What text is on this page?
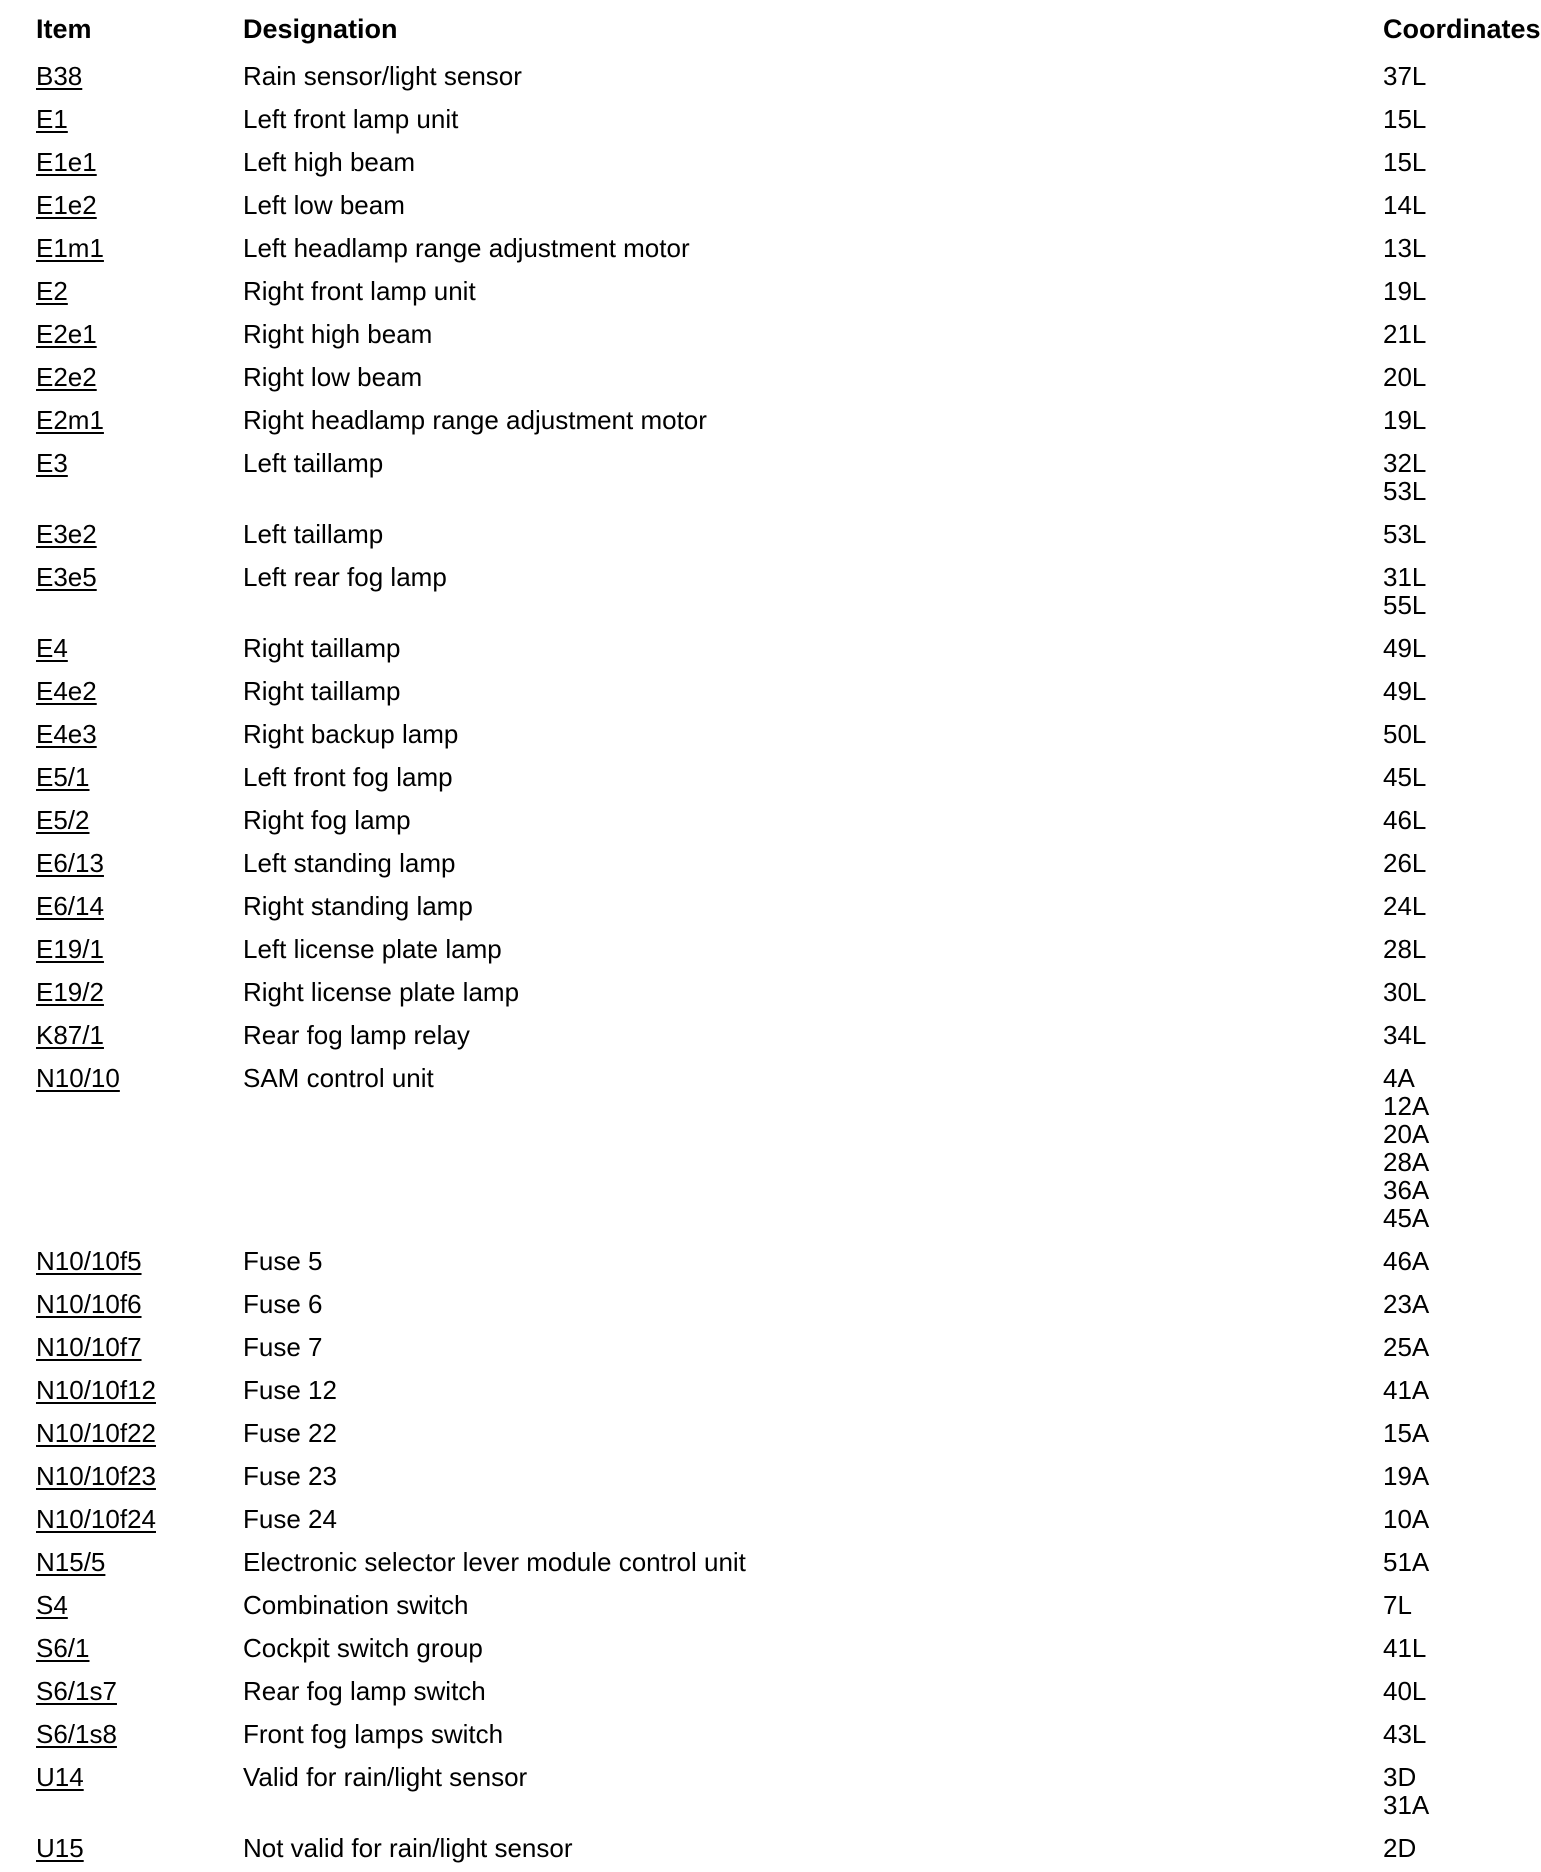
Item	Designation	Coordinates
B38	Rain sensor/light sensor	37L
E1	Left front lamp unit	15L
E1e1	Left high beam	15L
E1e2	Left low beam	14L
E1m1	Left headlamp range adjustment motor	13L
E2	Right front lamp unit	19L
E2e1	Right high beam	21L
E2e2	Right low beam	20L
E2m1	Right headlamp range adjustment motor	19L
E3	Left taillamp	32L
53L
E3e2	Left taillamp	53L
E3e5	Left rear fog lamp	31L
55L
E4	Right taillamp	49L
E4e2	Right taillamp	49L
E4e3	Right backup lamp	50L
E5/1	Left front fog lamp	45L
E5/2	Right fog lamp	46L
E6/13	Left standing lamp	26L
E6/14	Right standing lamp	24L
E19/1	Left license plate lamp	28L
E19/2	Right license plate lamp	30L
K87/1	Rear fog lamp relay	34L
N10/10	SAM control unit	4A
12A
20A
28A
36A
45A
N10/10f5	Fuse 5	46A
N10/10f6	Fuse 6	23A
N10/10f7	Fuse 7	25A
N10/10f12	Fuse 12	41A
N10/10f22	Fuse 22	15A
N10/10f23	Fuse 23	19A
N10/10f24	Fuse 24	10A
N15/5	Electronic selector lever module control unit	51A
S4	Combination switch	7L
S6/1	Cockpit switch group	41L
S6/1s7	Rear fog lamp switch	40L
S6/1s8	Front fog lamps switch	43L
U14	Valid for rain/light sensor	3D
31A
U15	Not valid for rain/light sensor	2D
